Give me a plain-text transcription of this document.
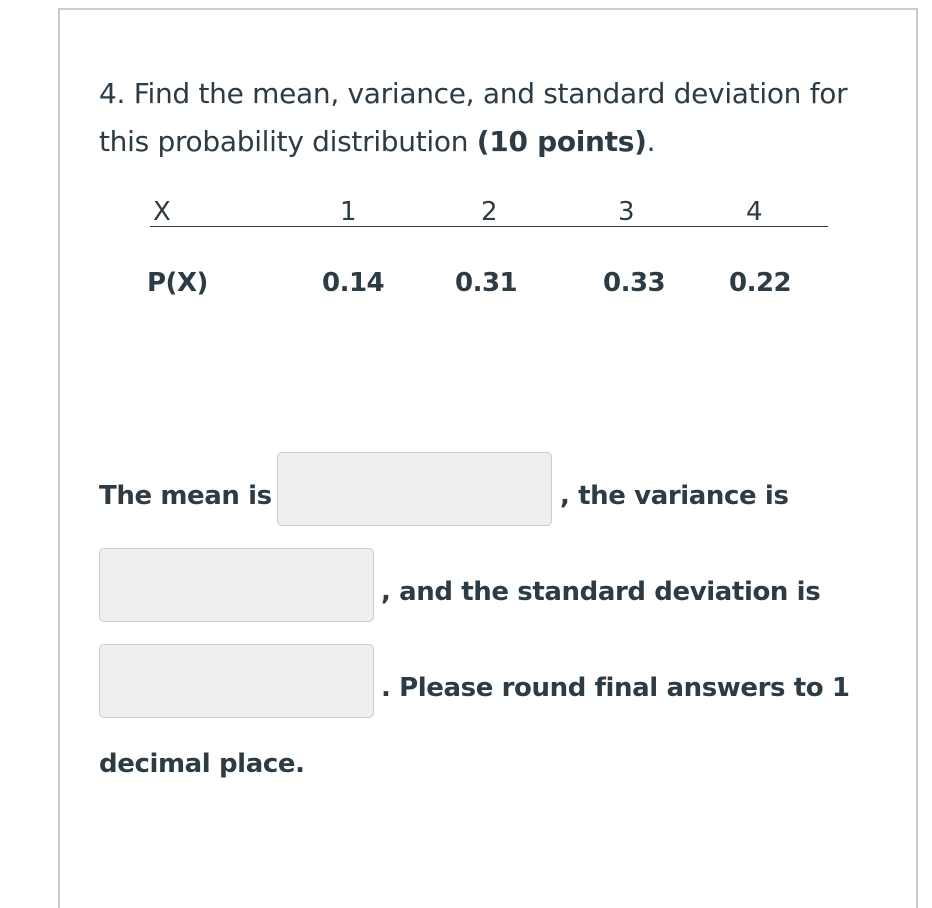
4. Find the mean, variance, and standard deviation for this probability distribution (10 points).
X	1	2	3	4
P(X)	0.14	0.31	0.33 0.22
The mean is	, the variance is
, and the standard deviation is
. Please round final answers to 1
decimal place.
